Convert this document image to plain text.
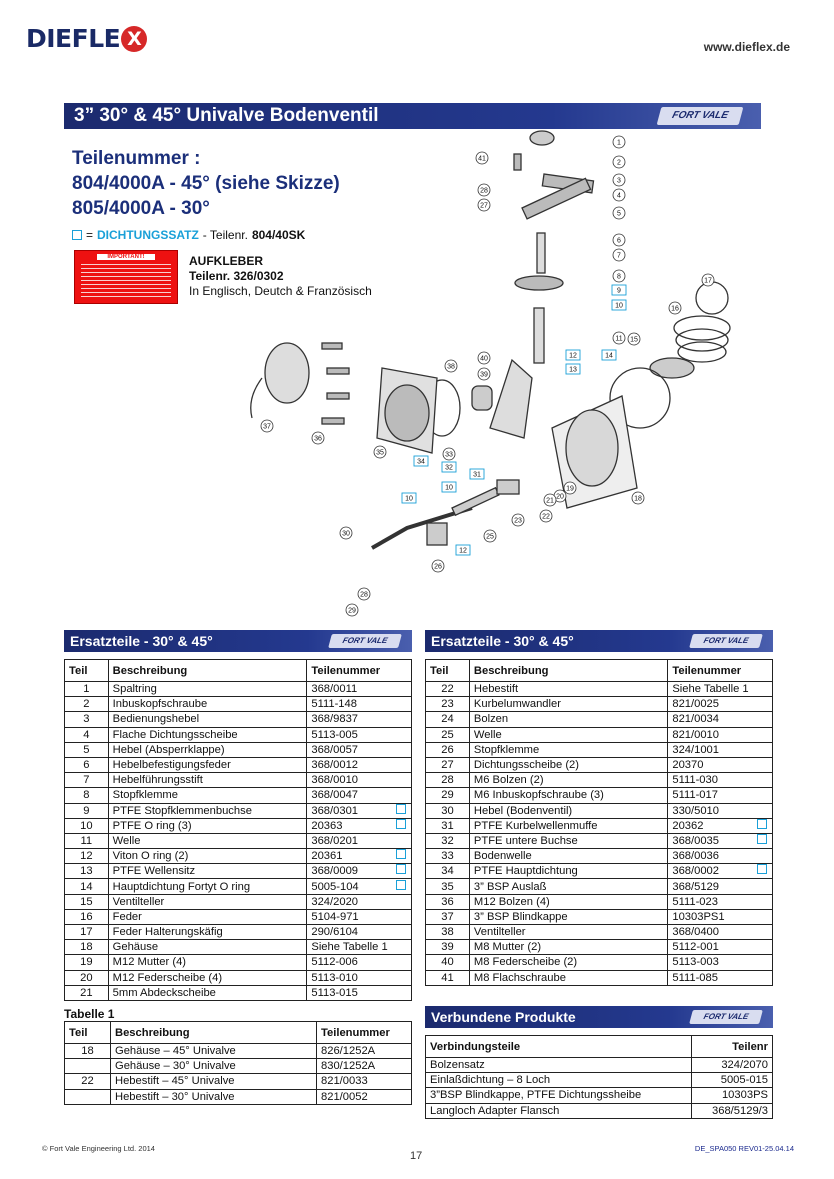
DIEFLE X	www.dieflex.de
3” 30° & 45° Univalve Bodenventil	FORT VALE
Teilenummer :
804/4000A - 45° (siehe Skizze)
805/4000A - 30°
= DICHTUNGSSATZ - Teilenr. 804/40SK
IMPORTANT!	AUFKLEBER
Teilenr. 326/0302
In Englisch, Deutch & Französisch
1
2
3
4
5
6
7
8
11
16
17
18
19
20
21
22
23
25
26
28
29
30
28
27
35
36
37
33
38
40
39
41
15
9
10
12
13
14
34
32
31
10
10
12
Ersatzteile - 30° & 45°	FORT VALE	Ersatzteile - 30° & 45°	FORT VALE
Teil	Beschreibung	Teilenummer	
1	Spaltring	368/0011	
2	Inbuskopfschraube	5111-148	
3	Bedienungshebel	368/9837	
4	Flache Dichtungsscheibe	5113-005	
5	Hebel (Absperrklappe)	368/0057	
6	Hebelbefestigungsfeder	368/0012	
7	Hebelführungsstift	368/0010	
8	Stopfklemme	368/0047	
9	PTFE Stopfklemmenbuchse	368/0301	
10	PTFE O ring (3)	20363	
11	Welle	368/0201	
12	Viton O ring (2)	20361	
13	PTFE Wellensitz	368/0009	
14	Hauptdichtung Fortyt O ring	5005-104	
15	Ventilteller	324/2020	
16	Feder	5104-971	
17	Feder Halterungskäfig	290/6104	
18	Gehäuse	Siehe Tabelle 1	
19	M12 Mutter (4)	5112-006	
20	M12 Federscheibe (4)	5113-010	
21	5mm Abdeckscheibe	5113-015	
Teil	Beschreibung	Teilenummer	
22	Hebestift	Siehe Tabelle 1	
23	Kurbelumwandler	821/0025	
24	Bolzen	821/0034	
25	Welle	821/0010	
26	Stopfklemme	324/1001	
27	Dichtungsscheibe (2)	20370	
28	M6 Bolzen (2)	5111-030	
29	M6 Inbuskopfschraube (3)	5111-017	
30	Hebel (Bodenventil)	330/5010	
31	PTFE Kurbelwellenmuffe	20362	
32	PTFE untere Buchse	368/0035	
33	Bodenwelle	368/0036	
34	PTFE Hauptdichtung	368/0002	
35	3” BSP Auslaß	368/5129	
36	M12 Bolzen (4)	5111-023	
37	3” BSP Blindkappe	10303PS1	
38	Ventilteller	368/0400	
39	M8 Mutter (2)	5112-001	
40	M8 Federscheibe (2)	5113-003	
41	M8 Flachschraube	5111-085	
Tabelle 1
Teil	Beschreibung	Teilenummer
18	Gehäuse – 45° Univalve	826/1252A
	Gehäuse – 30° Univalve	830/1252A
22	Hebestift – 45° Univalve	821/0033
	Hebestift – 30° Univalve	821/0052
Verbundene Produkte	FORT VALE
Verbindungsteile	Teilenr
Bolzensatz	324/2070
Einlaßdichtung – 8 Loch	5005-015
3”BSP Blindkappe, PTFE Dichtungssheibe	10303PS
Langloch Adapter Flansch	368/5129/3
© Fort Vale Engineering Ltd. 2014
17
DE_SPA050 REV01-25.04.14
